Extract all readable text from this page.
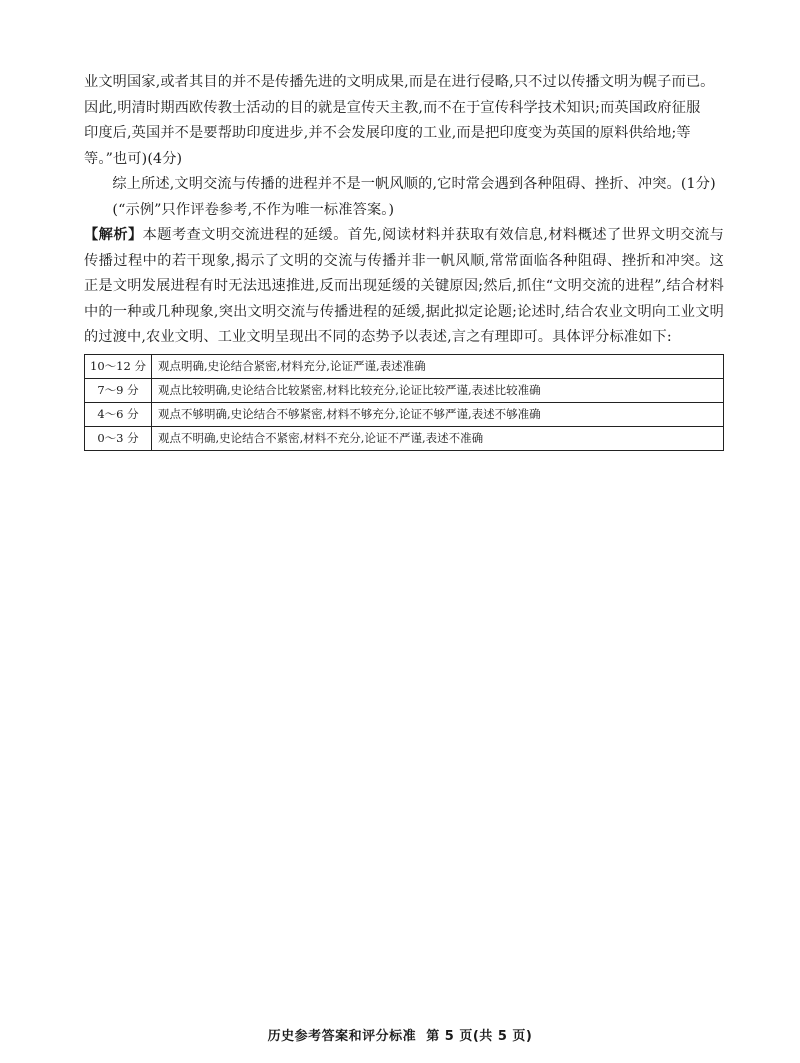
业文明国家,或者其目的并不是传播先进的文明成果,而是在进行侵略,只不过以传播文明为幌子而已。

因此,明清时期西欧传教士活动的目的就是宣传天主教,而不在于宣传科学技术知识;而英国政府征服

印度后,英国并不是要帮助印度进步,并不会发展印度的工业,而是把印度变为英国的原料供给地;等

等。”也可)(4分)

综上所述,文明交流与传播的进程并不是一帆风顺的,它时常会遇到各种阻碍、挫折、冲突。(1分)

(“示例”只作评卷参考,不作为唯一标准答案。)

【解析】本题考查文明交流进程的延缓。首先,阅读材料并获取有效信息,材料概述了世界文明交流与传播过程中的若干现象,揭示了文明的交流与传播并非一帆风顺,常常面临各种阻碍、挫折和冲突。这正是文明发展进程有时无法迅速推进,反而出现延缓的关键原因;然后,抓住“文明交流的进程”,结合材料中的一种或几种现象,突出文明交流与传播进程的延缓,据此拟定论题;论述时,结合农业文明向工业文明的过渡中,农业文明、工业文明呈现出不同的态势予以表述,言之有理即可。具体评分标准如下:

10～12 分	观点明确,史论结合紧密,材料充分,论证严谨,表述准确
7～9 分	观点比较明确,史论结合比较紧密,材料比较充分,论证比较严谨,表述比较准确
4～6 分	观点不够明确,史论结合不够紧密,材料不够充分,论证不够严谨,表述不够准确
0～3 分	观点不明确,史论结合不紧密,材料不充分,论证不严谨,表述不准确
历史参考答案和评分标准 第 5 页(共 5 页)
